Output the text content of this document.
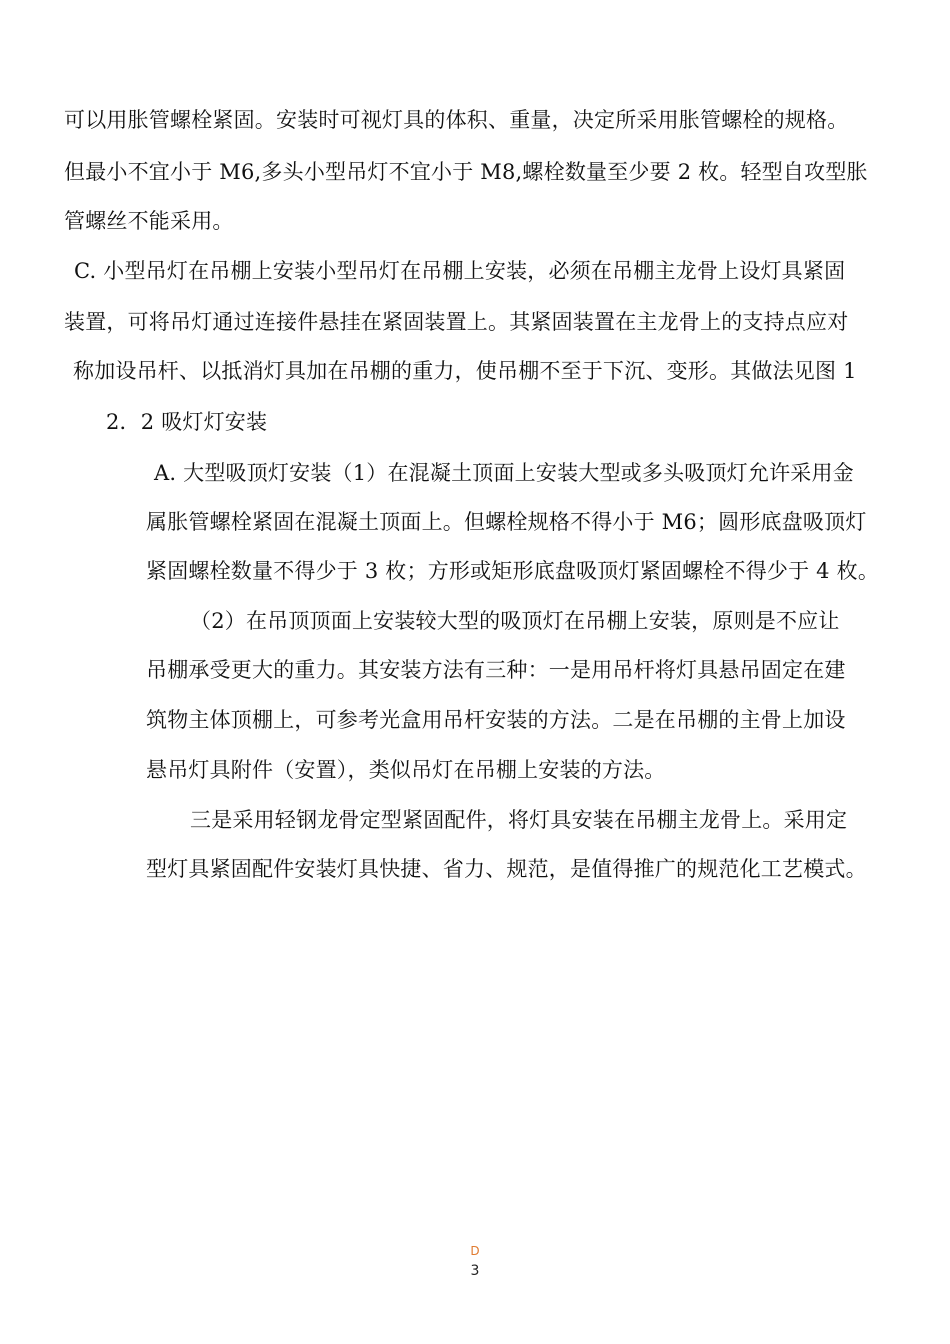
可以用胀管螺栓紧固。安装时可视灯具的体积、重量，决定所采用胀管螺栓的规格。
但最小不宜小于 M6,多头小型吊灯不宜小于 M8,螺栓数量至少要 2 枚。轻型自攻型胀
管螺丝不能采用。
C. 小型吊灯在吊棚上安装小型吊灯在吊棚上安装，必须在吊棚主龙骨上设灯具紧固
装置，可将吊灯通过连接件悬挂在紧固装置上。其紧固装置在主龙骨上的支持点应对
称加设吊杆、以抵消灯具加在吊棚的重力，使吊棚不至于下沉、变形。其做法见图 1
2．2 吸灯灯安装
A. 大型吸顶灯安装（1）在混凝土顶面上安装大型或多头吸顶灯允许采用金
属胀管螺栓紧固在混凝土顶面上。但螺栓规格不得小于 M6；圆形底盘吸顶灯
紧固螺栓数量不得少于 3 枚；方形或矩形底盘吸顶灯紧固螺栓不得少于 4 枚。
（2）在吊顶顶面上安装较大型的吸顶灯在吊棚上安装，原则是不应让
吊棚承受更大的重力。其安装方法有三种：一是用吊杆将灯具悬吊固定在建
筑物主体顶棚上，可参考光盒用吊杆安装的方法。二是在吊棚的主骨上加设
悬吊灯具附件（安置），类似吊灯在吊棚上安装的方法。
三是采用轻钢龙骨定型紧固配件，将灯具安装在吊棚主龙骨上。采用定
型灯具紧固配件安装灯具快捷、省力、规范，是值得推广的规范化工艺模式。
D
3
